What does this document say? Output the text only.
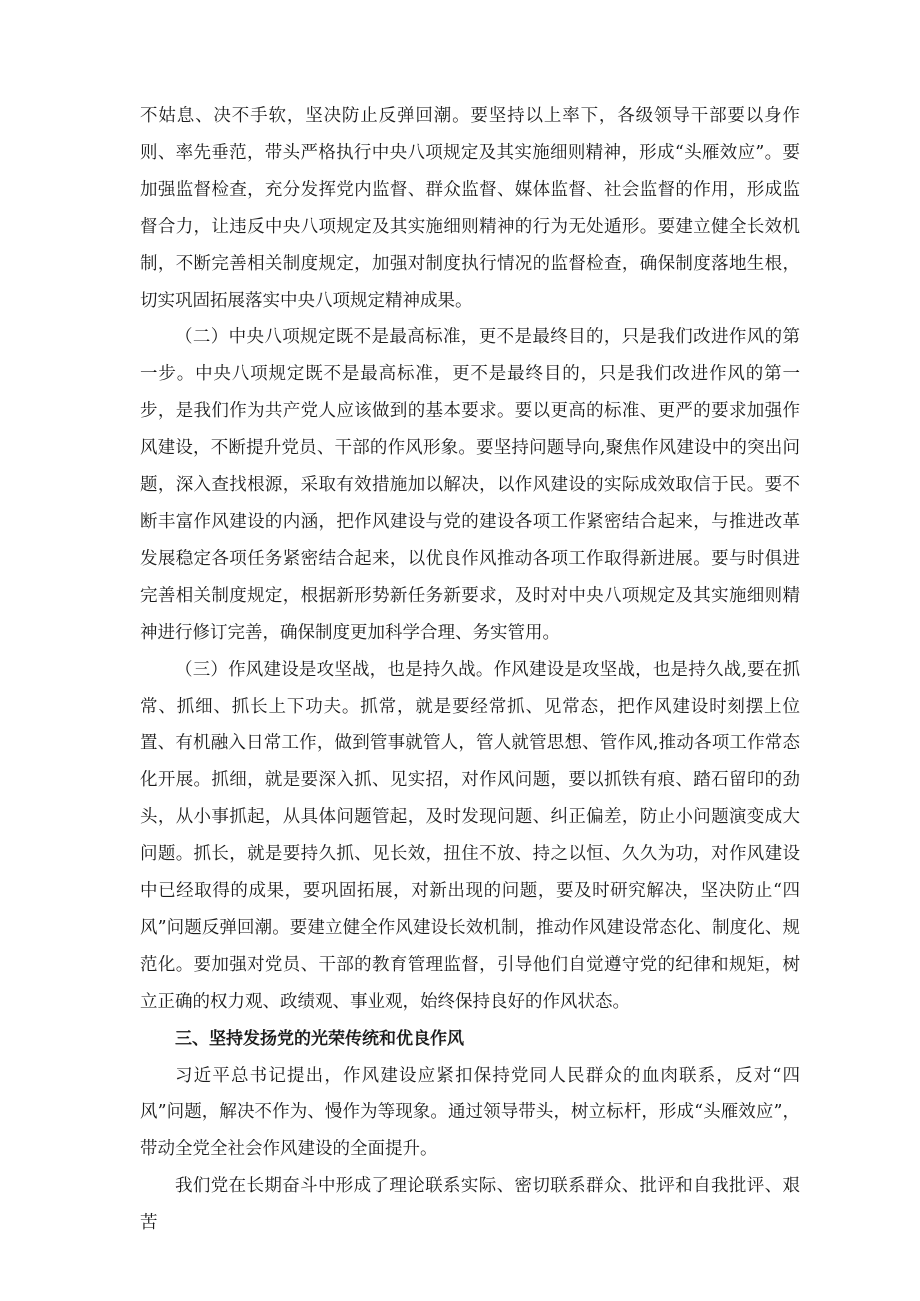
不姑息、决不手软，坚决防止反弹回潮。要坚持以上率下，各级领导干部要以身作则、率先垂范，带头严格执行中央八项规定及其实施细则精神，形成“头雁效应”。要加强监督检查，充分发挥党内监督、群众监督、媒体监督、社会监督的作用，形成监督合力，让违反中央八项规定及其实施细则精神的行为无处遁形。要建立健全长效机制，不断完善相关制度规定，加强对制度执行情况的监督检查，确保制度落地生根，切实巩固拓展落实中央八项规定精神成果。

（二）中央八项规定既不是最高标准，更不是最终目的，只是我们改进作风的第一步。中央八项规定既不是最高标准，更不是最终目的，只是我们改进作风的第一步，是我们作为共产党人应该做到的基本要求。要以更高的标准、更严的要求加强作风建设，不断提升党员、干部的作风形象。要坚持问题导向,聚焦作风建设中的突出问题，深入查找根源，采取有效措施加以解决，以作风建设的实际成效取信于民。要不断丰富作风建设的内涵，把作风建设与党的建设各项工作紧密结合起来，与推进改革发展稳定各项任务紧密结合起来，以优良作风推动各项工作取得新进展。要与时俱进完善相关制度规定，根据新形势新任务新要求，及时对中央八项规定及其实施细则精神进行修订完善，确保制度更加科学合理、务实管用。

（三）作风建设是攻坚战，也是持久战。作风建设是攻坚战，也是持久战,要在抓常、抓细、抓长上下功夫。抓常，就是要经常抓、见常态，把作风建设时刻摆上位置、有机融入日常工作，做到管事就管人，管人就管思想、管作风,推动各项工作常态化开展。抓细，就是要深入抓、见实招，对作风问题，要以抓铁有痕、踏石留印的劲头，从小事抓起，从具体问题管起，及时发现问题、纠正偏差，防止小问题演变成大问题。抓长，就是要持久抓、见长效，扭住不放、持之以恒、久久为功，对作风建设中已经取得的成果，要巩固拓展，对新出现的问题，要及时研究解决，坚决防止“四风”问题反弹回潮。要建立健全作风建设长效机制，推动作风建设常态化、制度化、规范化。要加强对党员、干部的教育管理监督，引导他们自觉遵守党的纪律和规矩，树立正确的权力观、政绩观、事业观，始终保持良好的作风状态。

三、坚持发扬党的光荣传统和优良作风

习近平总书记提出，作风建设应紧扣保持党同人民群众的血肉联系，反对“四风”问题，解决不作为、慢作为等现象。通过领导带头，树立标杆，形成“头雁效应”，带动全党全社会作风建设的全面提升。

我们党在长期奋斗中形成了理论联系实际、密切联系群众、批评和自我批评、艰苦
